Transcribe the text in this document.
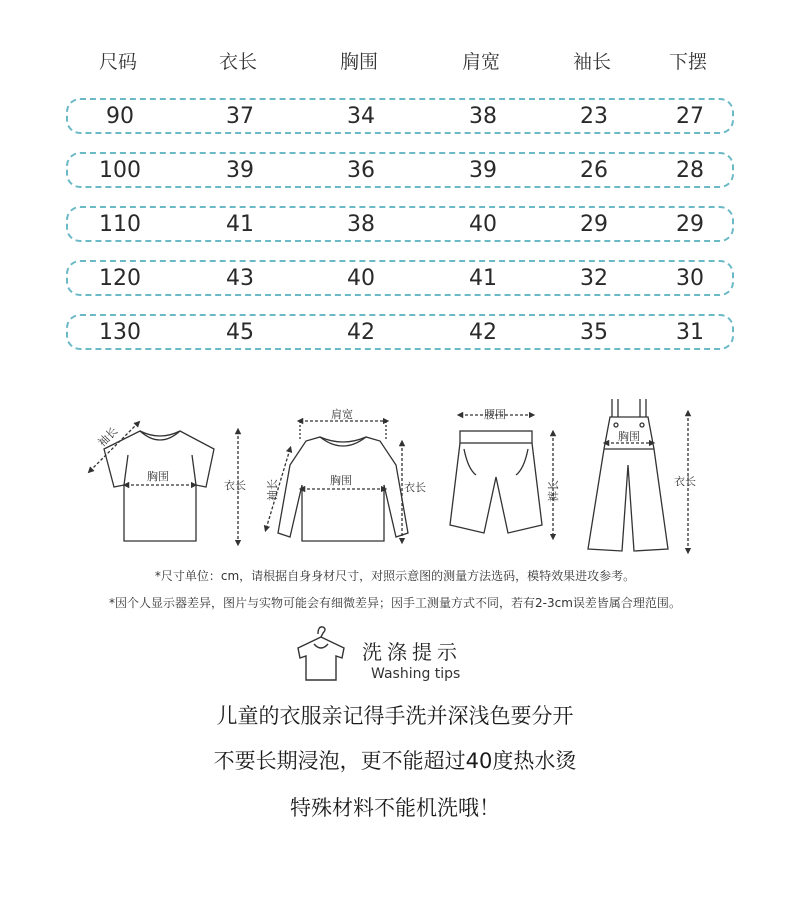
尺码	衣长	胸围	肩宽	袖长	下摆
90	37	34	38	23	27
100	39	36	39	26	28
110	41	38	40	29	29
120	43	40	41	32	30
130	45	42	42	35	31
袖长
胸围
衣长
肩宽
胸围
袖长	衣长
腰围
裤长
胸围
衣长
*尺寸单位：cm，请根据自身身材尺寸，对照示意图的测量方法选码，模特效果进攻参考。
*因个人显示器差异，图片与实物可能会有细微差异；因手工测量方式不同，若有2-3cm误差皆属合理范围。
洗涤提示
Washing tips
儿童的衣服亲记得手洗并深浅色要分开
不要长期浸泡，更不能超过40度热水烫
特殊材料不能机洗哦！
